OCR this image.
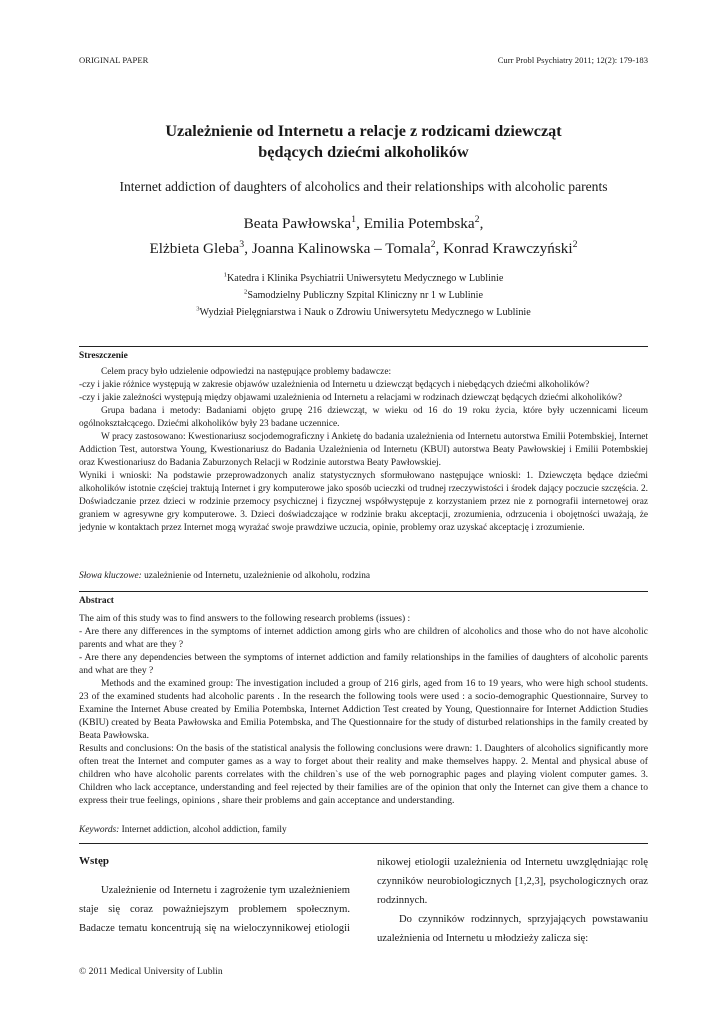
ORIGINAL PAPER	Curr Probl Psychiatry 2011; 12(2): 179-183
Uzależnienie od Internetu a relacje z rodzicami dziewcząt
będących dziećmi alkoholików
Internet addiction of daughters of alcoholics and their relationships with alcoholic parents
Beata Pawłowska$^1$, Emilia Potembska$^2$,
Elżbieta Gleba$^3$, Joanna Kalinowska – Tomala$^2$, Konrad Krawczyński$^2$
$^1$Katedra i Klinika Psychiatrii Uniwersytetu Medycznego w Lublinie
$^2$Samodzielny Publiczny Szpital Kliniczny nr 1 w Lublinie
$^3$Wydział Pielęgniarstwa i Nauk o Zdrowiu Uniwersytetu Medycznego w Lublinie
Streszczenie

Celem pracy było udzielenie odpowiedzi na następujące problemy badawcze:

-czy i jakie różnice występują w zakresie objawów uzależnienia od Internetu u dziewcząt będących i niebędących dziećmi alkoholików?

-czy i jakie zależności występują między objawami uzależnienia od Internetu a relacjami w rodzinach dziewcząt będących dziećmi alkoholików?

Grupa badana i metody: Badaniami objęto grupę 216 dziewcząt, w wieku od 16 do 19 roku życia, które były uczennicami liceum ogólnokształcącego. Dziećmi alkoholików były 23 badane uczennice.

W pracy zastosowano: Kwestionariusz socjodemograficzny i Ankietę do badania uzależnienia od Internetu autorstwa Emilii Potembskiej, Internet Addiction Test, autorstwa Young, Kwestionariusz do Badania Uzależnienia od Internetu (KBUI) autorstwa Beaty Pawłowskiej i Emilii Potembskiej oraz Kwestionariusz do Badania Zaburzonych Relacji w Rodzinie autorstwa Beaty Pawłowskiej.

Wyniki i wnioski: Na podstawie przeprowadzonych analiz statystycznych sformułowano następujące wnioski: 1. Dziewczęta będące dziećmi alkoholików istotnie częściej traktują Internet i gry komputerowe jako sposób ucieczki od trudnej rzeczywistości i środek dający poczucie szczęścia. 2. Doświadczanie przez dzieci w rodzinie przemocy psychicznej i fizycznej współwystępuje z korzystaniem przez nie z pornografii internetowej oraz graniem w agresywne gry komputerowe. 3. Dzieci doświadczające w rodzinie braku akceptacji, zrozumienia, odrzucenia i obojętności uważają, że jedynie w kontaktach przez Internet mogą wyrażać swoje prawdziwe uczucia, opinie, problemy oraz uzyskać akceptację i zrozumienie.

Słowa kluczowe: uzależnienie od Internetu, uzależnienie od alkoholu, rodzina
Abstract

The aim of this study was to find answers to the following research problems (issues) :

- Are there any differences in the symptoms of internet addiction among girls who are children of alcoholics and those who do not have alcoholic parents and what are they ?

- Are there any dependencies between the symptoms of internet addiction and family relationships in the families of daughters of alcoholic parents and what are they ?

Methods and the examined group: The investigation included a group of 216 girls, aged from 16 to 19 years, who were high school students. 23 of the examined students had alcoholic parents . In the research the following tools were used : a socio-demographic Questionnaire, Survey to Examine the Internet Abuse created by Emilia Potembska, Internet Addiction Test created by Young, Questionnaire for Internet Addiction Studies (KBIU) created by Beata Pawłowska and Emilia Potembska, and The Questionnaire for the study of disturbed relationships in the family created by Beata Pawłowska.

Results and conclusions: On the basis of the statistical analysis the following conclusions were drawn: 1. Daughters of alcoholics significantly more often treat the Internet and computer games as a way to forget about their reality and make themselves happy. 2. Mental and physical abuse of children who have alcoholic parents correlates with the children`s use of the web pornographic pages and playing violent computer games. 3. Children who lack acceptance, understanding and feel rejected by their families are of the opinion that only the Internet can give them a chance to express their true feelings, opinions , share their problems and gain acceptance and understanding.

Keywords: Internet addiction, alcohol addiction, family

Wstęp

Uzależnienie od Internetu i zagrożenie tym uzależnieniem staje się coraz poważniejszym problemem społecznym. Badacze tematu koncentrują się na wieloczynnikowej etiologii

nikowej etiologii uzależnienia od Internetu uwzględniając rolę czynników neurobiologicznych [1,2,3], psychologicznych oraz rodzinnych.

Do czynników rodzinnych, sprzyjających powstawaniu uzależnienia od Internetu u młodzieży zalicza się:

© 2011 Medical University of Lublin
